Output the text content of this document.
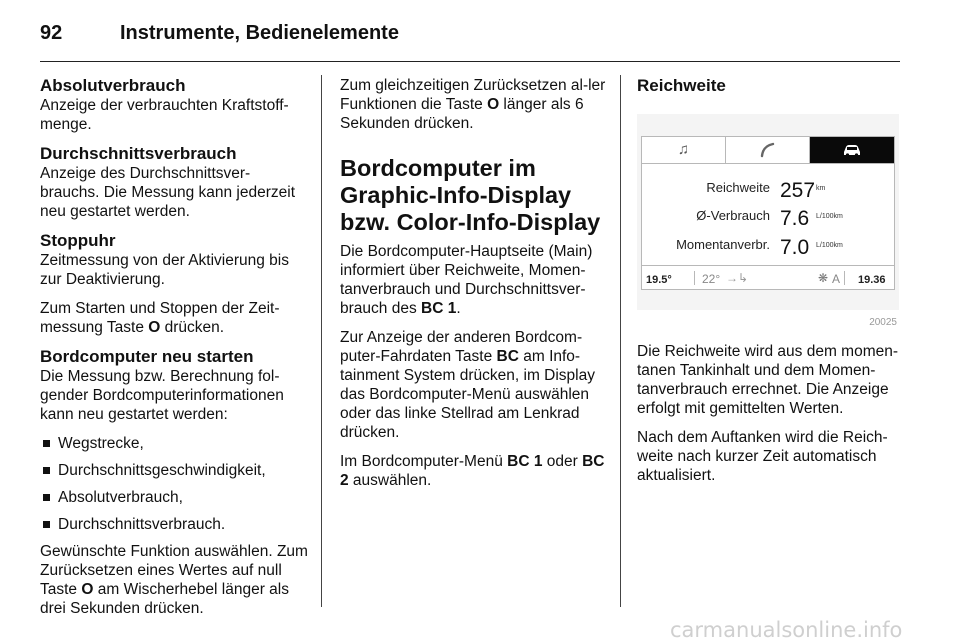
92	Instrumente, Bedienelemente
Absolutverbrauch

Anzeige der verbrauchten Kraftstoff-menge.

Durchschnittsverbrauch

Anzeige des Durchschnittsver-brauchs. Die Messung kann jederzeit neu gestartet werden.

Stoppuhr

Zeitmessung von der Aktivierung bis zur Deaktivierung.

Zum Starten und Stoppen der Zeit-messung Taste O drücken.

Bordcomputer neu starten

Die Messung bzw. Berechnung fol-gender Bordcomputerinformationen kann neu gestartet werden:

Wegstrecke,
Durchschnittsgeschwindigkeit,
Absolutverbrauch,
Durchschnittsverbrauch.

Gewünschte Funktion auswählen. Zum Zurücksetzen eines Wertes auf null Taste O am Wischerhebel länger als drei Sekunden drücken.

Zum gleichzeitigen Zurücksetzen al-ler Funktionen die Taste O länger als 6 Sekunden drücken.

Bordcomputer im Graphic-Info-Display bzw. Color-Info-Display

Die Bordcomputer-Hauptseite (Main) informiert über Reichweite, Momen-tanverbrauch und Durchschnittsver-brauch des BC 1.

Zur Anzeige der anderen Bordcom-puter-Fahrdaten Taste BC am Info-tainment System drücken, im Display das Bordcomputer-Menü auswählen oder das linke Stellrad am Lenkrad drücken.

Im Bordcomputer-Menü BC 1 oder BC 2 auswählen.

Reichweite
♫
Reichweite 257 km
Ø-Verbrauch 7.6 L/100km
Momentanverbr. 7.0 L/100km
19.5°	22° →↳	❋ A 19.36
20025

Die Reichweite wird aus dem momen-tanen Tankinhalt und dem Momen-tanverbrauch errechnet. Die Anzeige erfolgt mit gemittelten Werten.

Nach dem Auftanken wird die Reich-weite nach kurzer Zeit automatisch aktualisiert.

carmanualsonline.info
